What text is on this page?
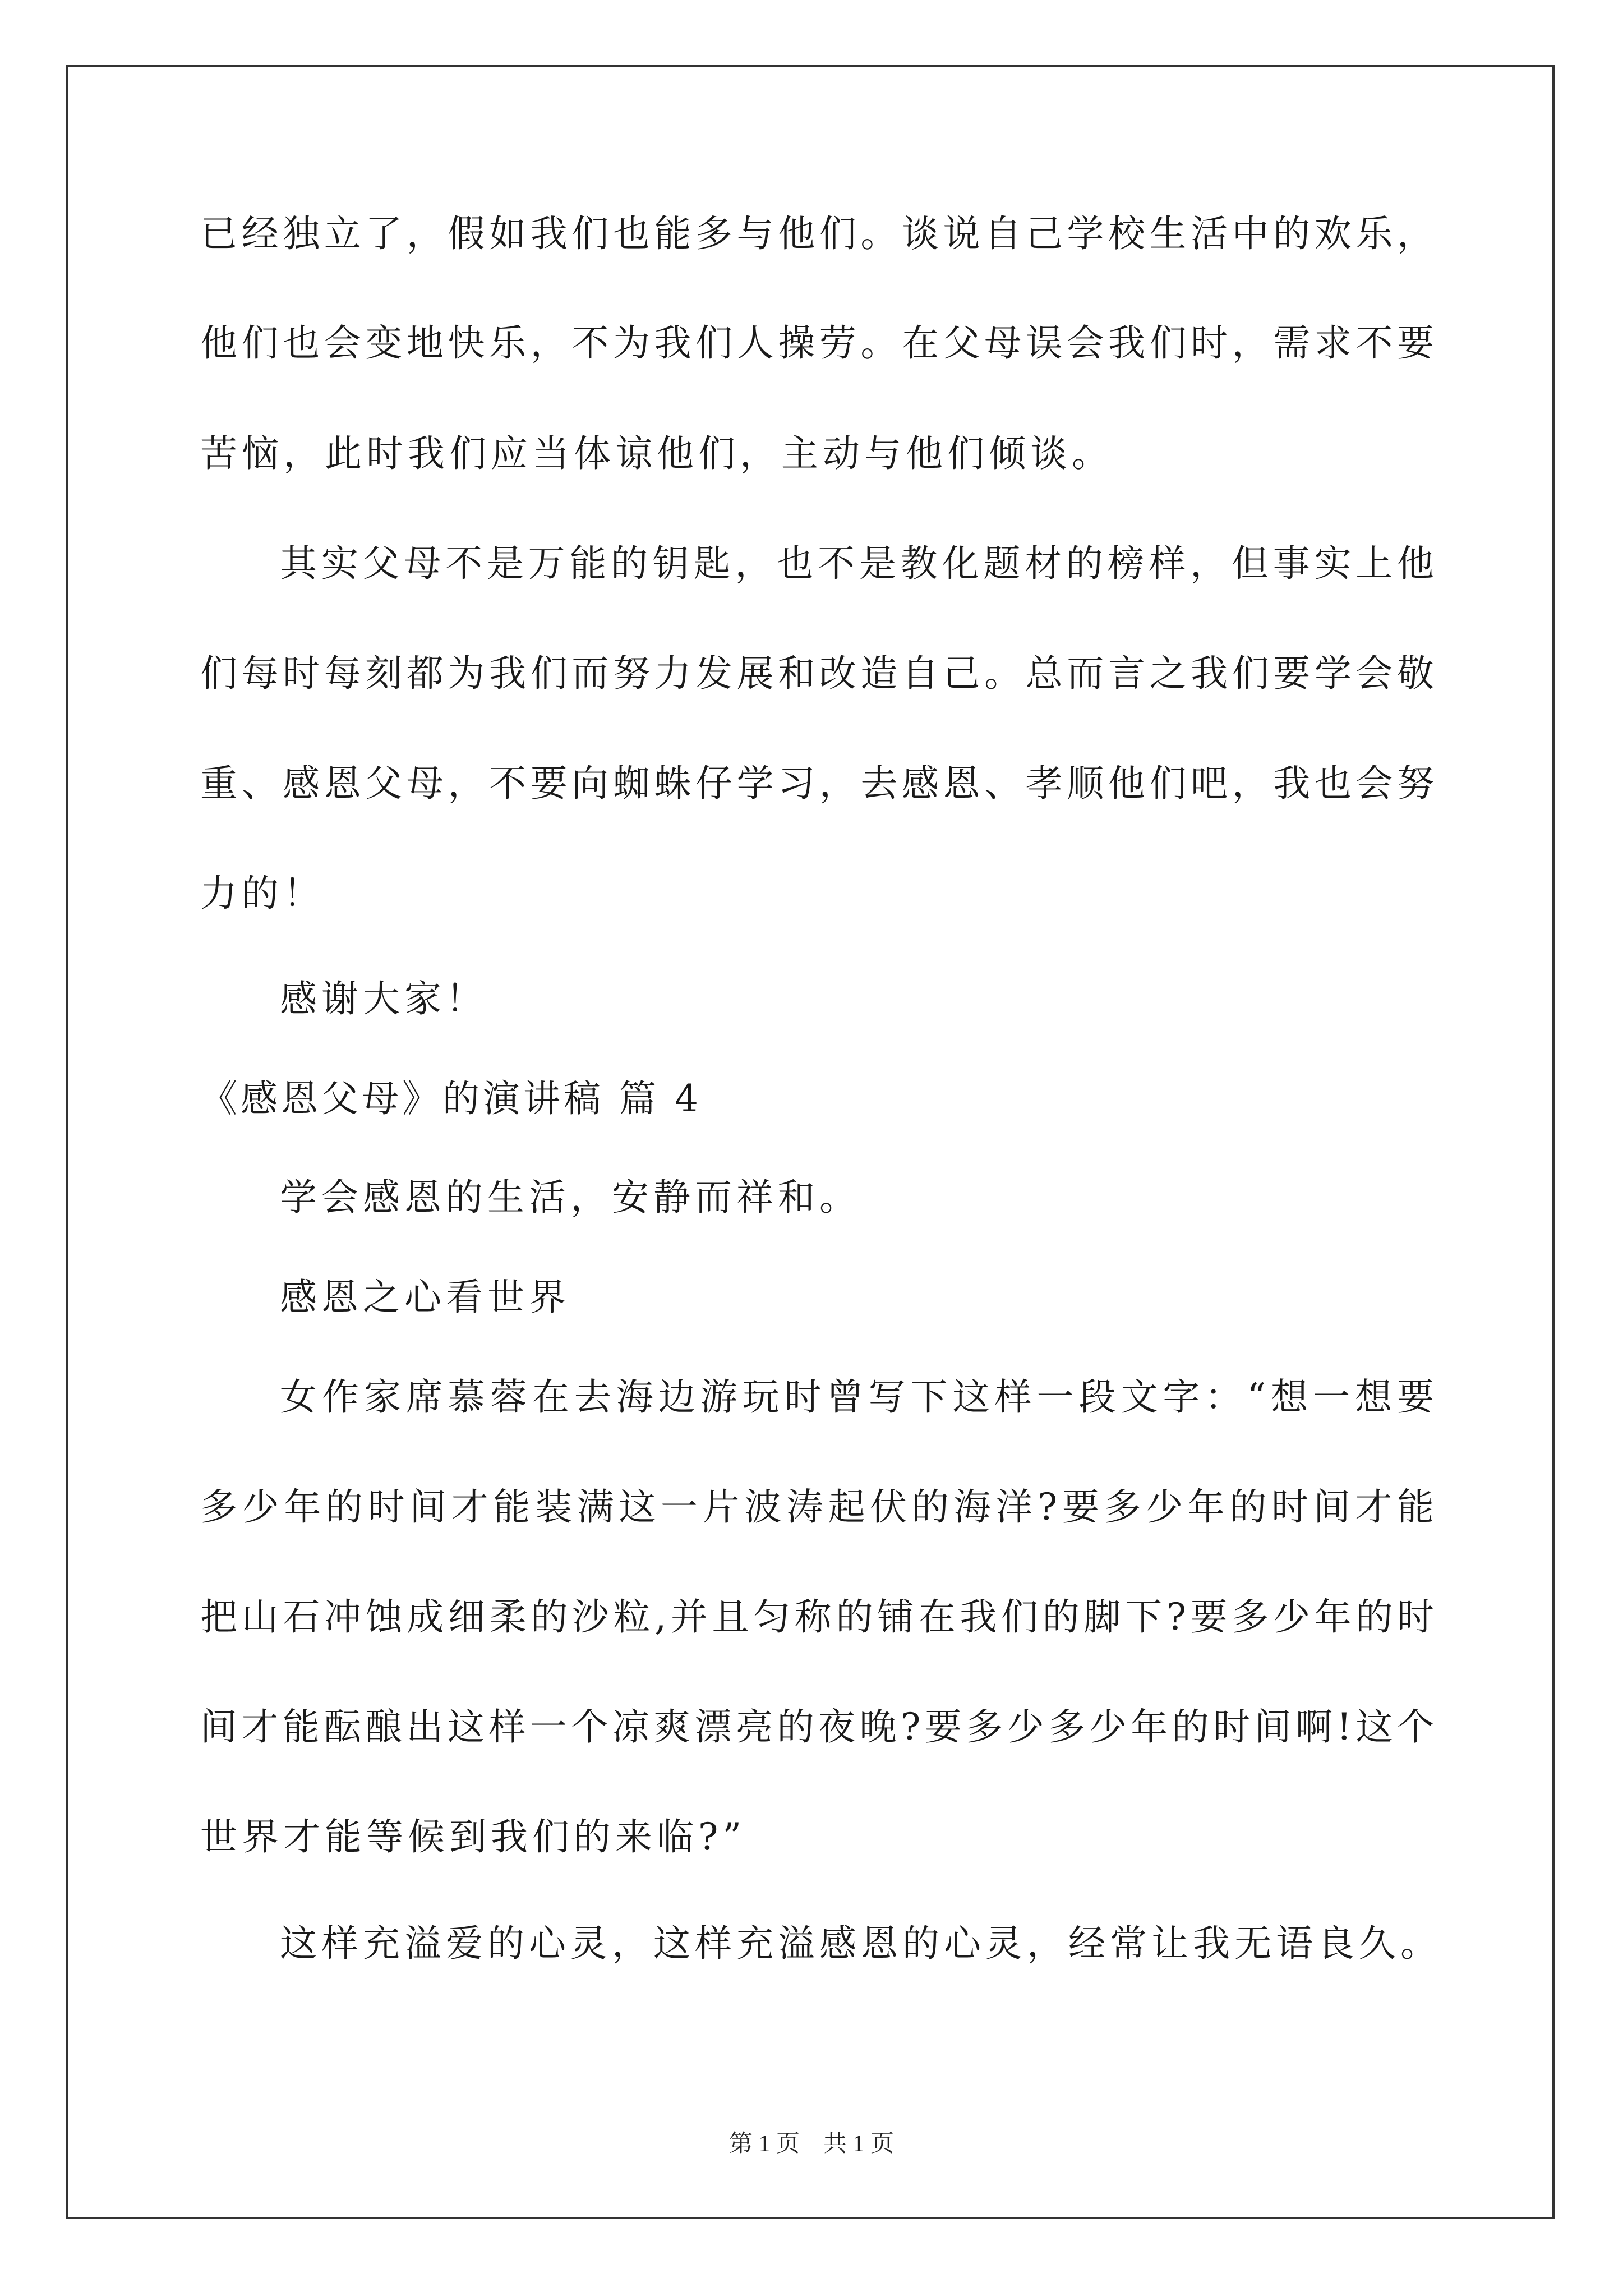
已经独立了，假如我们也能多与他们。谈说自己学校生活中的欢乐，
他们也会变地快乐，不为我们人操劳。在父母误会我们时，需求不要
苦恼，此时我们应当体谅他们，主动与他们倾谈。
其实父母不是万能的钥匙，也不是教化题材的榜样，但事实上他
们每时每刻都为我们而努力发展和改造自己。总而言之我们要学会敬
重、感恩父母，不要向蜘蛛仔学习，去感恩、孝顺他们吧，我也会努
力的！
感谢大家！
《感恩父母》的演讲稿 篇 4
学会感恩的生活，安静而祥和。
感恩之心看世界
女作家席慕蓉在去海边游玩时曾写下这样一段文字：“想一想要
多少年的时间才能装满这一片波涛起伏的海洋?要多少年的时间才能
把山石冲蚀成细柔的沙粒,并且匀称的铺在我们的脚下?要多少年的时
间才能酝酿出这样一个凉爽漂亮的夜晚?要多少多少年的时间啊!这个
世界才能等候到我们的来临?”
这样充溢爱的心灵，这样充溢感恩的心灵，经常让我无语良久。
第 1 页　共 1 页
